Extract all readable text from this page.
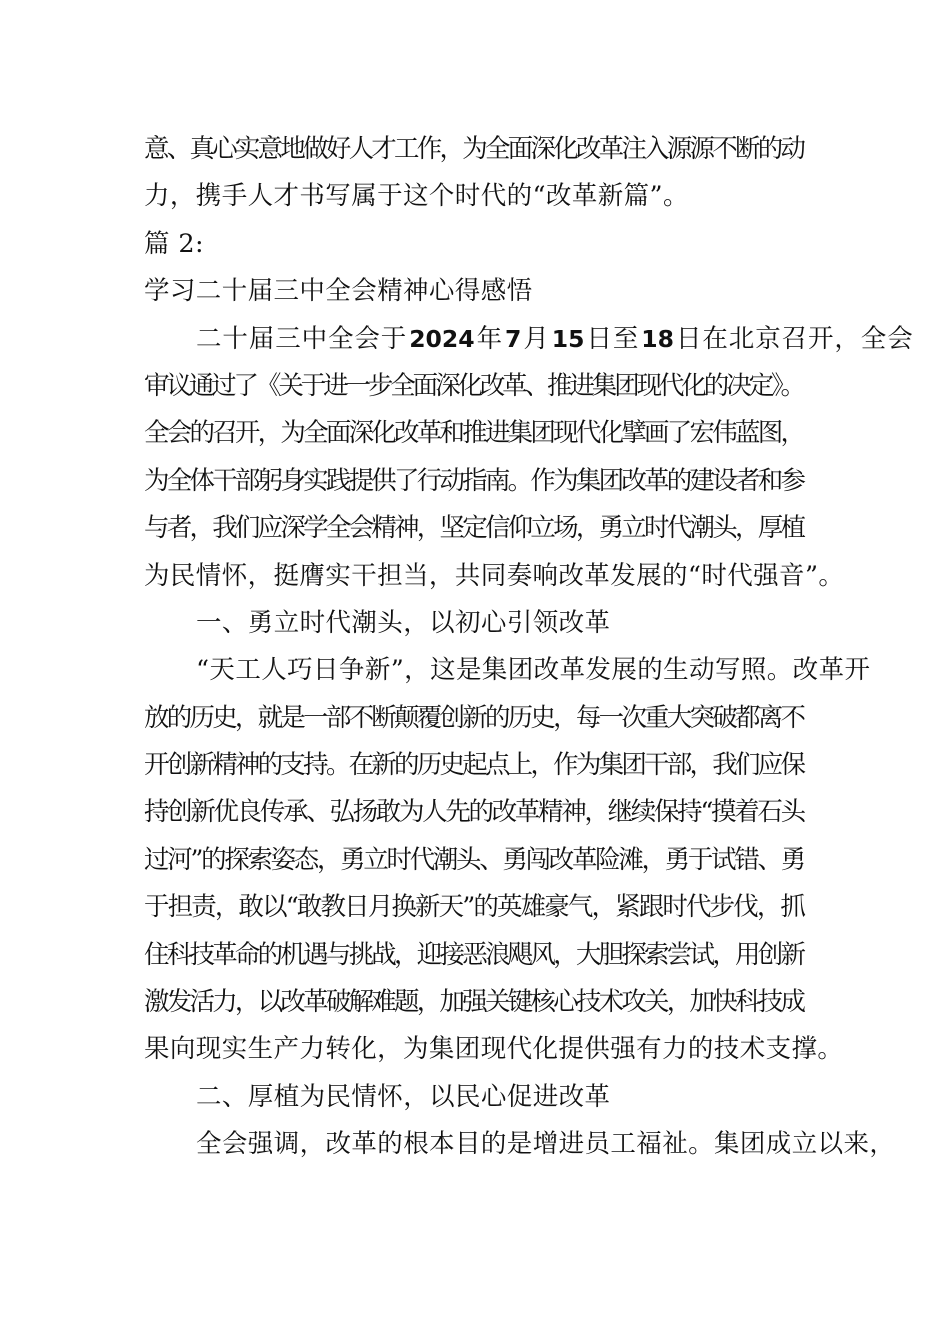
意、真心实意地做好人才工作，为全面深化改革注入源源不断的动
力，携手人才书写属于这个时代的“改革新篇”。
篇 2:
学习二十届三中全会精神心得感悟
二十届三中全会于2024年7月15日至18日在北京召开，全会
审议通过了《关于进一步全面深化改革、推进集团现代化的决定》。
全会的召开，为全面深化改革和推进集团现代化擘画了宏伟蓝图，
为全体干部躬身实践提供了行动指南。作为集团改革的建设者和参
与者，我们应深学全会精神，坚定信仰立场，勇立时代潮头，厚植
为民情怀，挺膺实干担当，共同奏响改革发展的“时代强音”。
一、勇立时代潮头，以初心引领改革
“天工人巧日争新”，这是集团改革发展的生动写照。改革开
放的历史，就是一部不断颠覆创新的历史，每一次重大突破都离不
开创新精神的支持。在新的历史起点上，作为集团干部，我们应保
持创新优良传承、弘扬敢为人先的改革精神，继续保持“摸着石头
过河”的探索姿态，勇立时代潮头、勇闯改革险滩，勇于试错、勇
于担责，敢以“敢教日月换新天”的英雄豪气，紧跟时代步伐，抓
住科技革命的机遇与挑战，迎接恶浪飓风，大胆探索尝试，用创新
激发活力，以改革破解难题，加强关键核心技术攻关，加快科技成
果向现实生产力转化，为集团现代化提供强有力的技术支撑。
二、厚植为民情怀，以民心促进改革
全会强调，改革的根本目的是增进员工福祉。集团成立以来，
